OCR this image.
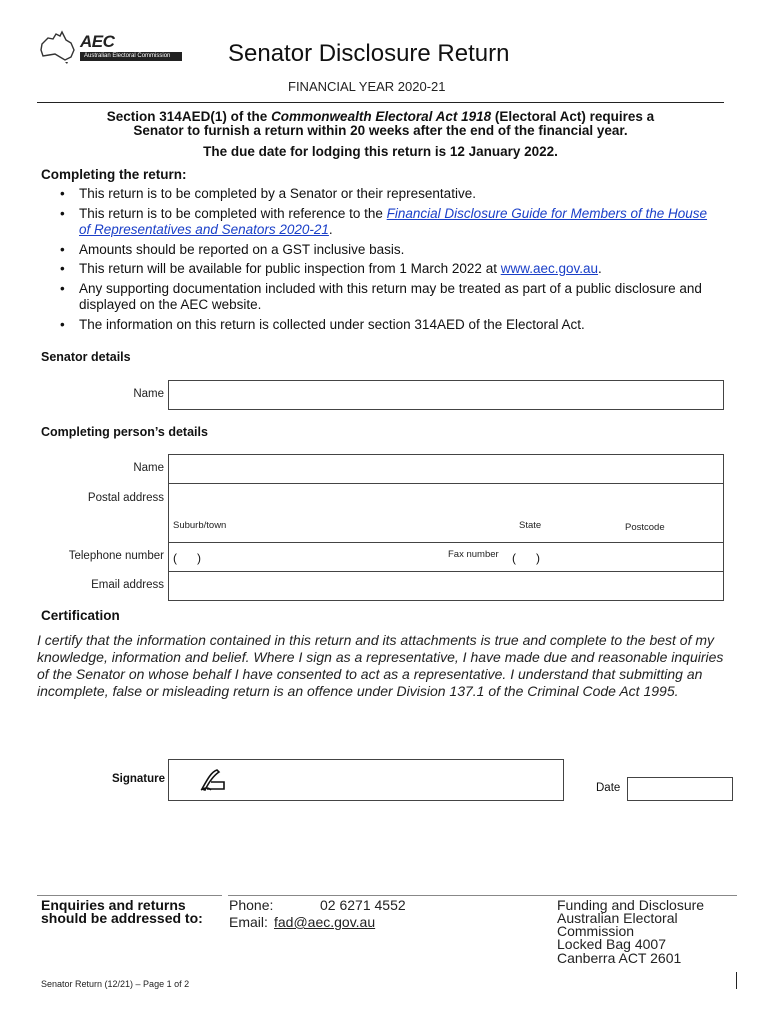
AEC
Australian Electoral Commission	Senator Disclosure Return
FINANCIAL YEAR 2020-21
Section 314AED(1) of the Commonwealth Electoral Act 1918 (Electoral Act) requires a
Senator to furnish a return within 20 weeks after the end of the financial year.
The due date for lodging this return is 12 January 2022.
Completing the return:
• This return is to be completed by a Senator or their representative.
• This return is to be completed with reference to the Financial Disclosure Guide for Members of the House of Representatives and Senators 2020-21.
• Amounts should be reported on a GST inclusive basis.
• This return will be available for public inspection from 1 March 2022 at www.aec.gov.au.
• Any supporting documentation included with this return may be treated as part of a public disclosure and displayed on the AEC website.
• The information on this return is collected under section 314AED of the Electoral Act.
Senator details
Name
Completing person’s details
Name
Postal address
Suburb/town	State	Postcode
Telephone number (      )	Fax number (      )
Email address
Certification
I certify that the information contained in this return and its attachments is true and complete to the best of my knowledge, information and belief. Where I sign as a representative, I have made due and reasonable inquiries of the Senator on whose behalf I have consented to act as a representative. I understand that submitting an incomplete, false or misleading return is an offence under Division 137.1 of the Criminal Code Act 1995.
Signature
Date
Enquiries and returns
should be addressed to:
Phone:	02 6271 4552
Email: fad@aec.gov.au
Funding and Disclosure
Australian Electoral
Commission
Locked Bag 4007
Canberra ACT 2601
Senator Return (12/21) – Page 1 of 2
